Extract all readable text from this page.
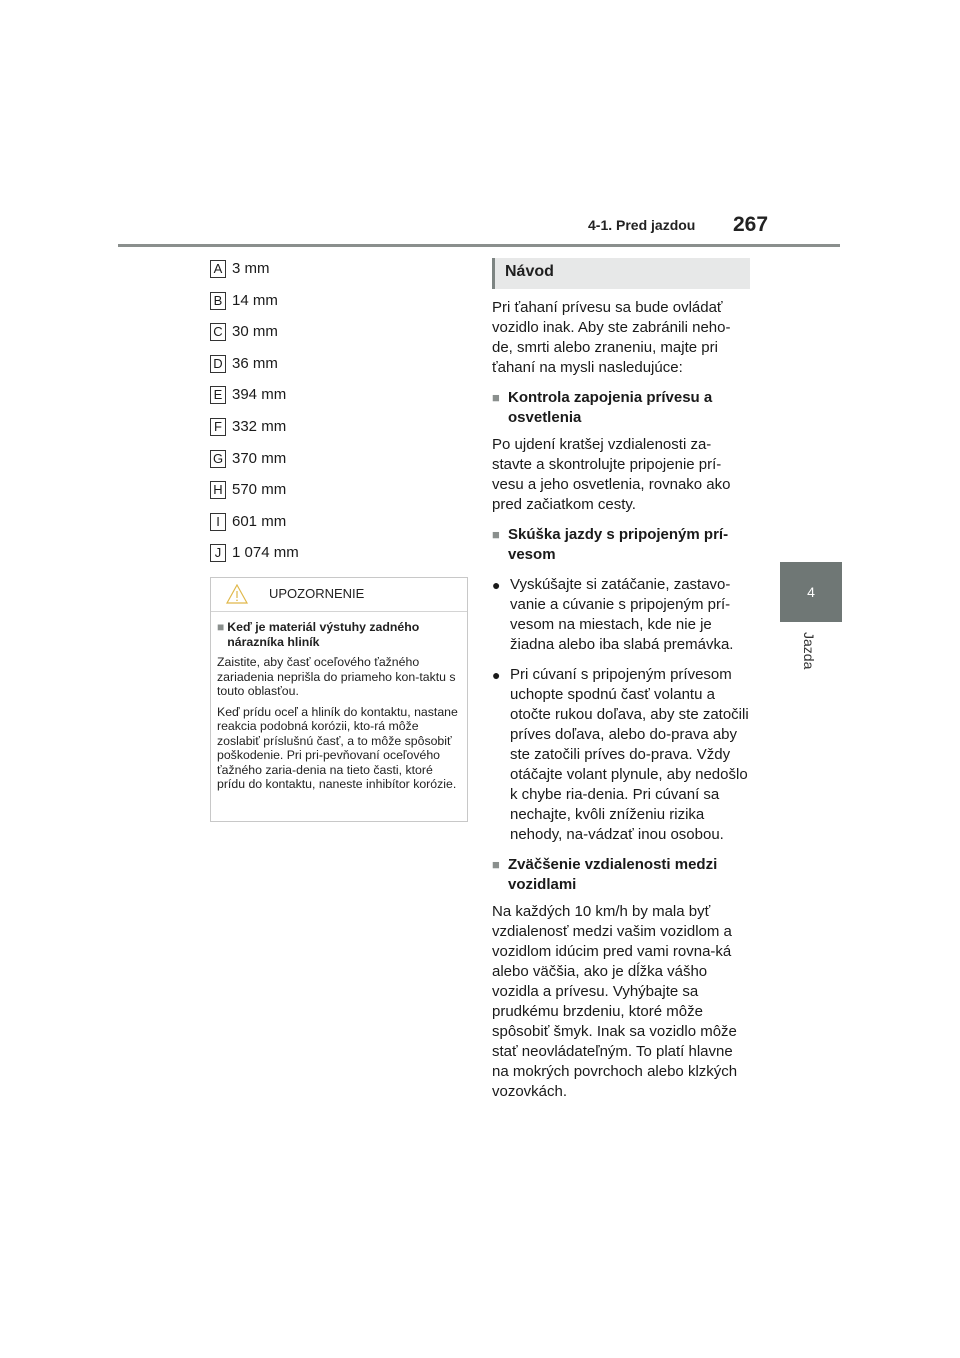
4-1. Pred jazdou 267
4
Jazda
A 3 mm
B 14 mm
C 30 mm
D 36 mm
E 394 mm
F 332 mm
G 370 mm
H 570 mm
I 601 mm
J 1 074 mm
UPOZORNENIE
■ Keď je materiál výstuhy zadného nárazníka hliník
Zaistite, aby časť oceľového ťažného zariadenia neprišla do priameho kon-taktu s touto oblasťou.
Keď prídu oceľ a hliník do kontaktu, nastane reakcia podobná korózii, kto-rá môže zoslabiť príslušnú časť, a to môže spôsobiť poškodenie. Pri pri-pevňovaní oceľového ťažného zaria-denia na tieto časti, ktoré prídu do kontaktu, naneste inhibítor korózie.
Návod
Pri ťahaní prívesu sa bude ovládať vozidlo inak. Aby ste zabránili neho-de, smrti alebo zraneniu, majte pri ťahaní na mysli nasledujúce:
■ Kontrola zapojenia prívesu a osvetlenia
Po ujdení kratšej vzdialenosti za-stavte a skontrolujte pripojenie prí-vesu a jeho osvetlenia, rovnako ako pred začiatkom cesty.
■ Skúška jazdy s pripojeným prí-vesom
● Vyskúšajte si zatáčanie, zastavo-vanie a cúvanie s pripojeným prí-vesom na miestach, kde nie je žiadna alebo iba slabá premávka.
● Pri cúvaní s pripojeným prívesom uchopte spodnú časť volantu a otočte rukou doľava, aby ste zatočili príves doľava, alebo do-prava aby ste zatočili príves do-prava. Vždy otáčajte volant plynule, aby nedošlo k chybe ria-denia. Pri cúvaní sa nechajte, kvôli zníženiu rizika nehody, na-vádzať inou osobou.
■ Zväčšenie vzdialenosti medzi vozidlami
Na každých 10 km/h by mala byť vzdialenosť medzi vašim vozidlom a vozidlom idúcim pred vami rovna-ká alebo väčšia, ako je dĺžka vášho vozidla a prívesu. Vyhýbajte sa prudkému brzdeniu, ktoré môže spôsobiť šmyk. Inak sa vozidlo môže stať neovládateľným. To platí hlavne na mokrých povrchoch alebo klzkých vozovkách.
